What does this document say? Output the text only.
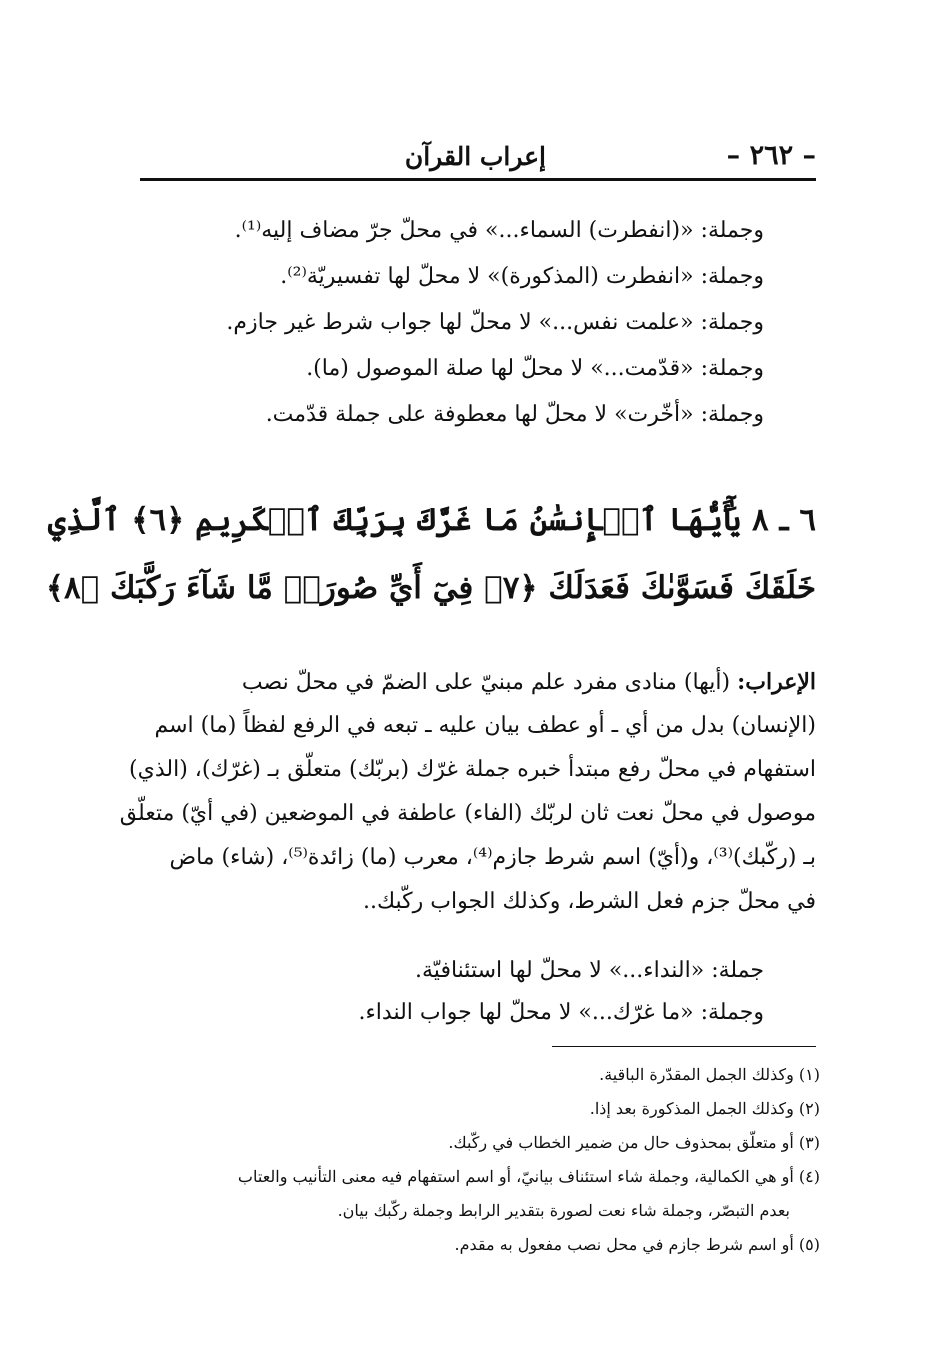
– ٢٦٢ –
إعراب القرآن
وجملة: «(انفطرت) السماء...» في محلّ جرّ مضاف إليه⁽¹⁾.
وجملة: «انفطرت (المذكورة)» لا محلّ لها تفسيريّة⁽²⁾.
وجملة: «علمت نفس...» لا محلّ لها جواب شرط غير جازم.
وجملة: «قدّمت...» لا محلّ لها صلة الموصول (ما).
وجملة: «أخّرت» لا محلّ لها معطوفة على جملة قدّمت.
٦ ـ ٨ يَٰٓأَيُّهَا ٱلۡإِنسَٰنُ مَا غَرَّكَ بِرَبِّكَ ٱلۡكَرِيمِ ﴿٦﴾ ٱلَّذِي
خَلَقَكَ فَسَوَّىٰكَ فَعَدَلَكَ ﴿٧﴾ فِيٓ أَيِّ صُورَةٖ مَّا شَآءَ رَكَّبَكَ ﴿٨﴾

الإعراب: (أيها) منادى مفرد علم مبنيّ على الضمّ في محلّ نصب

(الإنسان) بدل من أي ـ أو عطف بيان عليه ـ تبعه في الرفع لفظاً (ما) اسم

استفهام في محلّ رفع مبتدأ خبره جملة غرّك (بربّك) متعلّق بـ (غرّك)، (الذي)

موصول في محلّ نعت ثان لربّك (الفاء) عاطفة في الموضعين (في أيّ) متعلّق

بـ (ركّبك)⁽³⁾، و(أيّ) اسم شرط جازم⁽⁴⁾، معرب (ما) زائدة⁽⁵⁾، (شاء) ماض

في محلّ جزم فعل الشرط، وكذلك الجواب ركّبك..

جملة: «النداء...» لا محلّ لها استئنافيّة.
وجملة: «ما غرّك...» لا محلّ لها جواب النداء.
(١) وكذلك الجمل المقدّرة الباقية.
(٢) وكذلك الجمل المذكورة بعد إذا.
(٣) أو متعلّق بمحذوف حال من ضمير الخطاب في ركّبك.
(٤) أو هي الكمالية، وجملة شاء استئناف بيانيّ، أو اسم استفهام فيه معنى التأنيب والعتاب
بعدم التبصّر، وجملة شاء نعت لصورة بتقدير الرابط وجملة ركّبك بيان.
(٥) أو اسم شرط جازم في محل نصب مفعول به مقدم.
